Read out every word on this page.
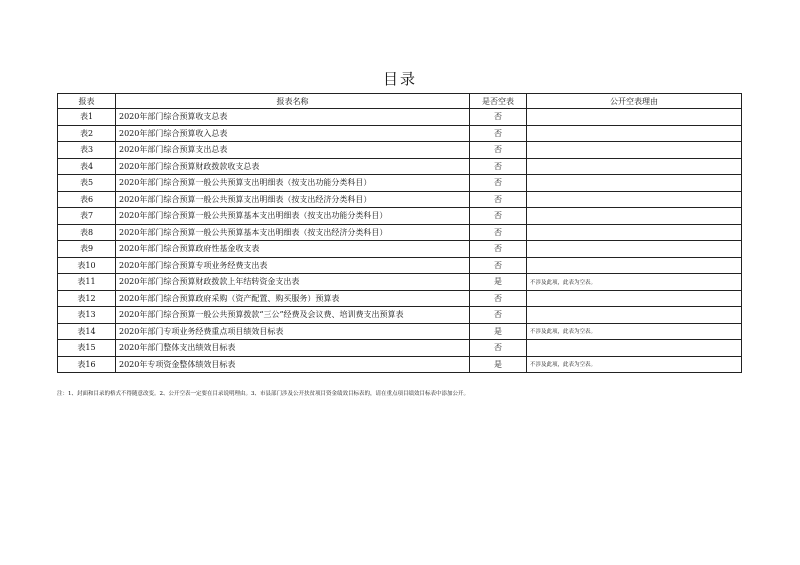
目录
报表	报表名称	是否空表	公开空表理由
表1	2020年部门综合预算收支总表	否	
表2	2020年部门综合预算收入总表	否	
表3	2020年部门综合预算支出总表	否	
表4	2020年部门综合预算财政拨款收支总表	否	
表5	2020年部门综合预算一般公共预算支出明细表（按支出功能分类科目）	否	
表6	2020年部门综合预算一般公共预算支出明细表（按支出经济分类科目）	否	
表7	2020年部门综合预算一般公共预算基本支出明细表（按支出功能分类科目）	否	
表8	2020年部门综合预算一般公共预算基本支出明细表（按支出经济分类科目）	否	
表9	2020年部门综合预算政府性基金收支表	否	
表10	2020年部门综合预算专项业务经费支出表	否	
表11	2020年部门综合预算财政拨款上年结转资金支出表	是	不涉及此项，此表为空表。
表12	2020年部门综合预算政府采购（资产配置、购买服务）预算表	否	
表13	2020年部门综合预算一般公共预算拨款“三公”经费及会议费、培训费支出预算表	否	
表14	2020年部门专项业务经费重点项目绩效目标表	是	不涉及此项，此表为空表。
表15	2020年部门整体支出绩效目标表	否	
表16	2020年专项资金整体绩效目标表	是	不涉及此项，此表为空表。
注：1、封面和目录的格式不得随意改变。2、公开空表一定要在目录说明理由。3、市县部门涉及公开扶贫项目资金绩效目标表的，请在重点项目绩效目标表中添加公开。
